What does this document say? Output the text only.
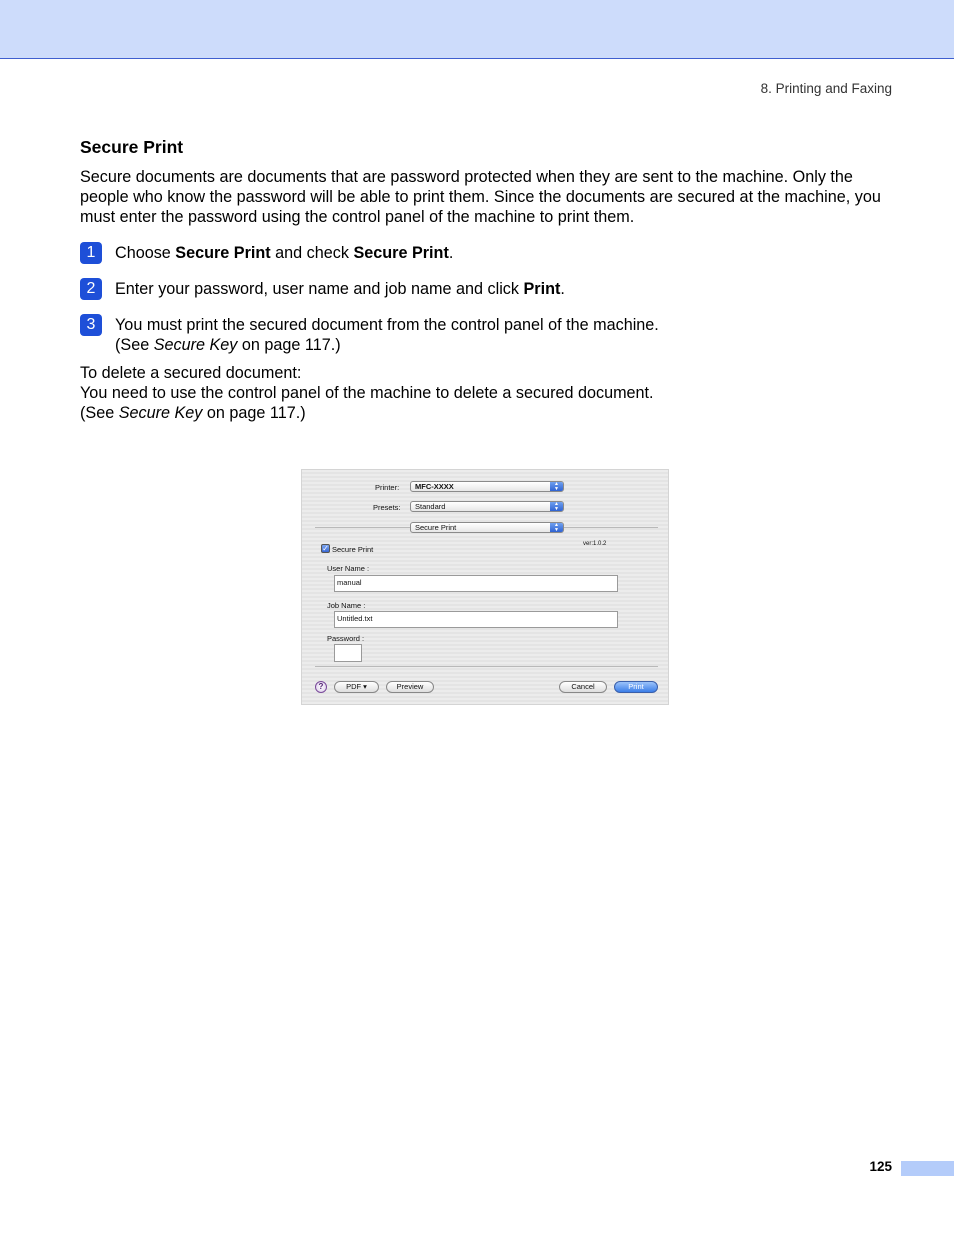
8. Printing and Faxing
Secure Print
Secure documents are documents that are password protected when they are sent to the machine. Only the people who know the password will be able to print them. Since the documents are secured at the machine, you must enter the password using the control panel of the machine to print them.
1	Choose Secure Print and check Secure Print.
2	Enter your password, user name and job name and click Print.
3	You must print the secured document from the control panel of the machine.
(See Secure Key on page 117.)
To delete a secured document:
You need to use the control panel of the machine to delete a secured document.
(See Secure Key on page 117.)
Printer:	MFC-XXXX	▲
▼
Presets:	Standard	▲
▼
Secure Print	▲
▼
ver:1.0.2
✓ Secure Print
User Name :
manual
Job Name :
Untitled.txt
Password :
?	PDF ▾	Preview	Cancel	Print
125
